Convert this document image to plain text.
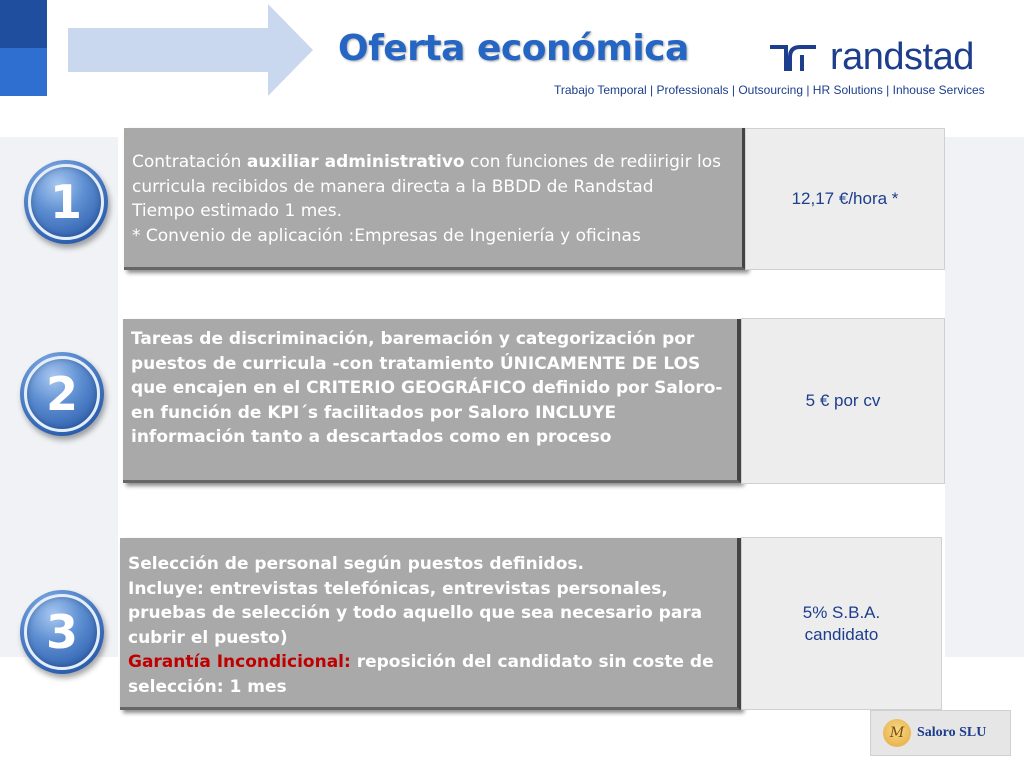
Oferta económica	randstad
Trabajo Temporal | Professionals | Outsourcing | HR Solutions | Inhouse Services
1
Contratación auxiliar administrativo con funciones de rediirigir los curricula recibidos de manera directa a la BBDD de Randstad
Tiempo estimado 1 mes.
* Convenio de aplicación :Empresas de Ingeniería y oficinas
12,17 €/hora *
2
Tareas de discriminación, baremación y categorización por puestos de curricula -con tratamiento ÚNICAMENTE DE LOS que encajen en el CRITERIO GEOGRÁFICO definido por Saloro- en función de KPI´s facilitados por Saloro INCLUYE información tanto a descartados como en proceso
5 € por cv
3
Selección de personal según puestos definidos.
Incluye: entrevistas telefónicas, entrevistas personales, pruebas de selección y todo aquello que sea necesario para cubrir el puesto)
Garantía Incondicional: reposición del candidato sin coste de selección: 1 mes
5% S.B.A.
candidato
M Saloro SLU
